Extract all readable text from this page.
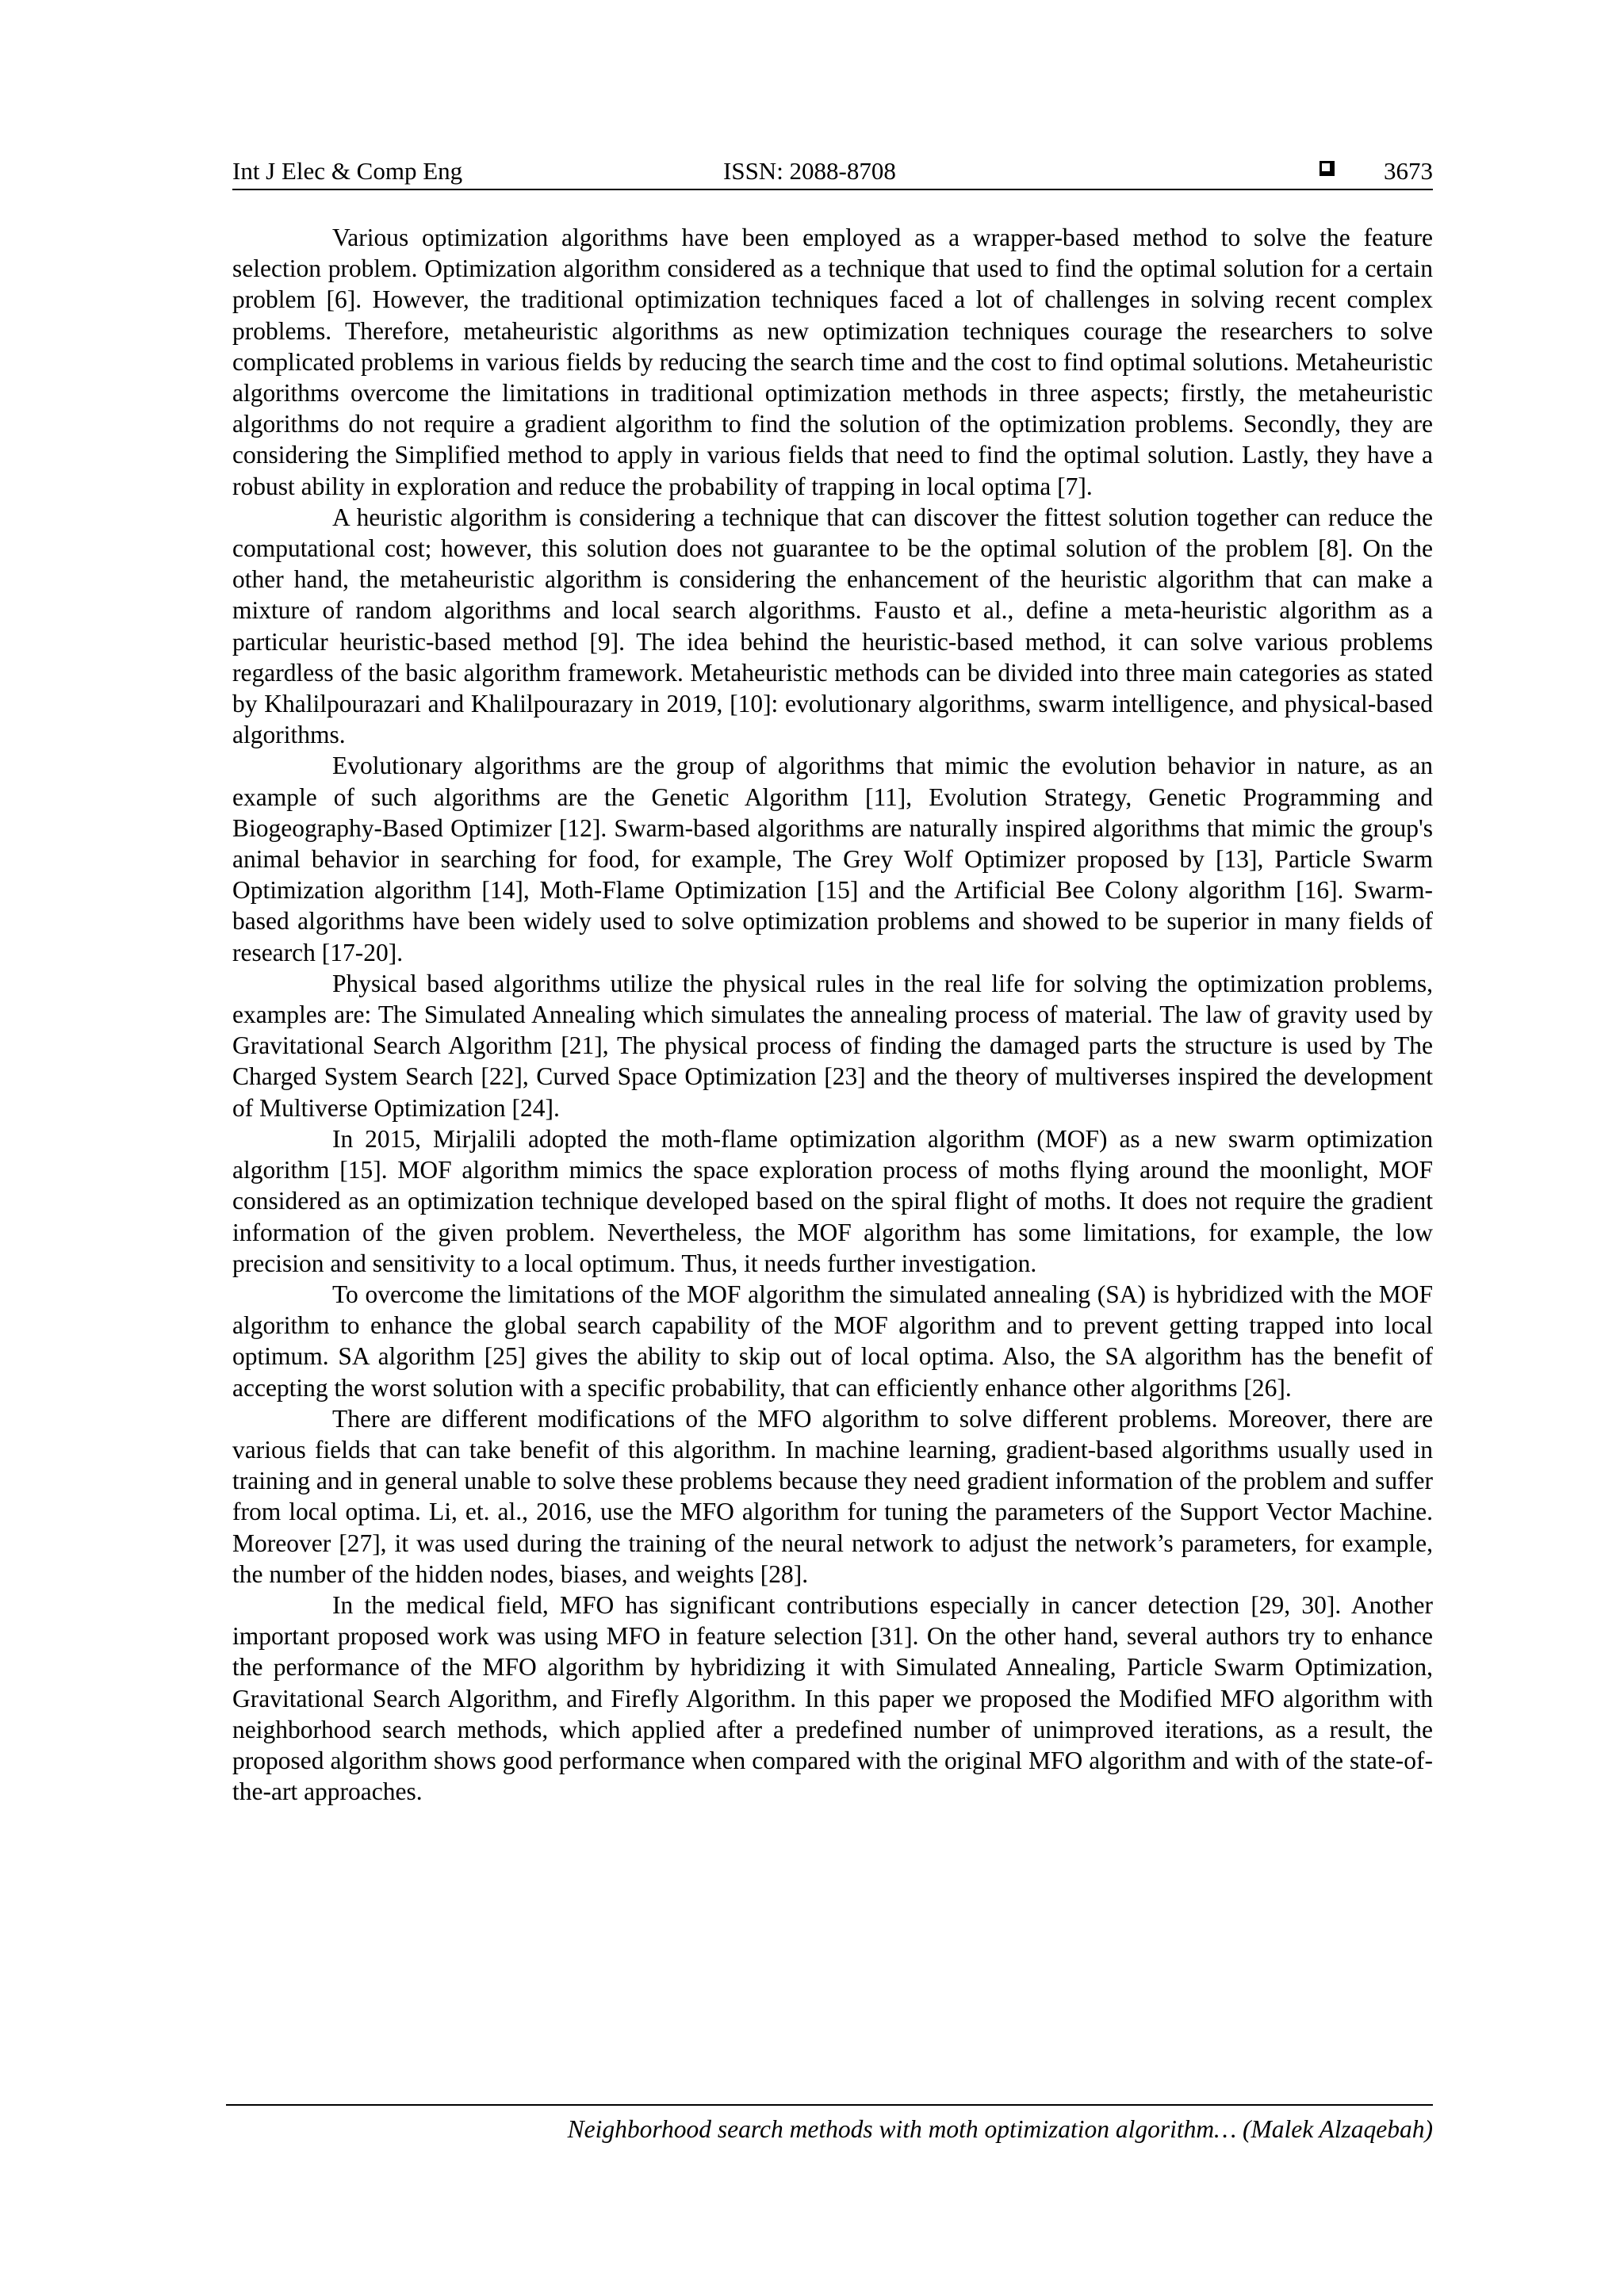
Int J Elec & Comp Eng	ISSN: 2088-8708	3673

Various optimization algorithms have been employed as a wrapper-based method to solve the feature selection problem. Optimization algorithm considered as a technique that used to find the optimal solution for a certain problem [6]. However, the traditional optimization techniques faced a lot of challenges in solving recent complex problems. Therefore, metaheuristic algorithms as new optimization techniques courage the researchers to solve complicated problems in various fields by reducing the search time and the cost to find optimal solutions. Metaheuristic algorithms overcome the limitations in traditional optimization methods in three aspects; firstly, the metaheuristic algorithms do not require a gradient algorithm to find the solution of the optimization problems. Secondly, they are considering the Simplified method to apply in various fields that need to find the optimal solution. Lastly, they have a robust ability in exploration and reduce the probability of trapping in local optima [7].

A heuristic algorithm is considering a technique that can discover the fittest solution together can reduce the computational cost; however, this solution does not guarantee to be the optimal solution of the problem [8]. On the other hand, the metaheuristic algorithm is considering the enhancement of the heuristic algorithm that can make a mixture of random algorithms and local search algorithms. Fausto et al., define a meta-heuristic algorithm as a particular heuristic-based method [9]. The idea behind the heuristic-based method, it can solve various problems regardless of the basic algorithm framework. Metaheuristic methods can be divided into three main categories as stated by Khalilpourazari and Khalilpourazary in 2019, [10]: evolutionary algorithms, swarm intelligence, and physical-based algorithms.

Evolutionary algorithms are the group of algorithms that mimic the evolution behavior in nature, as an example of such algorithms are the Genetic Algorithm [11], Evolution Strategy, Genetic Programming and Biogeography-Based Optimizer [12]. Swarm-based algorithms are naturally inspired algorithms that mimic the group's animal behavior in searching for food, for example, The Grey Wolf Optimizer proposed by [13], Particle Swarm Optimization algorithm [14], Moth-Flame Optimization [15] and the Artificial Bee Colony algorithm [16]. Swarm-based algorithms have been widely used to solve optimization problems and showed to be superior in many fields of research [17-20].

Physical based algorithms utilize the physical rules in the real life for solving the optimization problems, examples are: The Simulated Annealing which simulates the annealing process of material. The law of gravity used by Gravitational Search Algorithm [21], The physical process of finding the damaged parts the structure is used by The Charged System Search [22], Curved Space Optimization [23] and the theory of multiverses inspired the development of Multiverse Optimization [24].

In 2015, Mirjalili adopted the moth-flame optimization algorithm (MOF) as a new swarm optimization algorithm [15]. MOF algorithm mimics the space exploration process of moths flying around the moonlight, MOF considered as an optimization technique developed based on the spiral flight of moths. It does not require the gradient information of the given problem. Nevertheless, the MOF algorithm has some limitations, for example, the low precision and sensitivity to a local optimum. Thus, it needs further investigation.

To overcome the limitations of the MOF algorithm the simulated annealing (SA) is hybridized with the MOF algorithm to enhance the global search capability of the MOF algorithm and to prevent getting trapped into local optimum. SA algorithm [25] gives the ability to skip out of local optima. Also, the SA algorithm has the benefit of accepting the worst solution with a specific probability, that can efficiently enhance other algorithms [26].

There are different modifications of the MFO algorithm to solve different problems. Moreover, there are various fields that can take benefit of this algorithm. In machine learning, gradient-based algorithms usually used in training and in general unable to solve these problems because they need gradient information of the problem and suffer from local optima. Li, et. al., 2016, use the MFO algorithm for tuning the parameters of the Support Vector Machine. Moreover [27], it was used during the training of the neural network to adjust the network’s parameters, for example, the number of the hidden nodes, biases, and weights [28].

In the medical field, MFO has significant contributions especially in cancer detection [29, 30]. Another important proposed work was using MFO in feature selection [31]. On the other hand, several authors try to enhance the performance of the MFO algorithm by hybridizing it with Simulated Annealing, Particle Swarm Optimization, Gravitational Search Algorithm, and Firefly Algorithm. In this paper we proposed the Modified MFO algorithm with neighborhood search methods, which applied after a predefined number of unimproved iterations, as a result, the proposed algorithm shows good performance when compared with the original MFO algorithm and with of the state-of-the-art approaches.

Neighborhood search methods with moth optimization algorithm… (Malek Alzaqebah)
